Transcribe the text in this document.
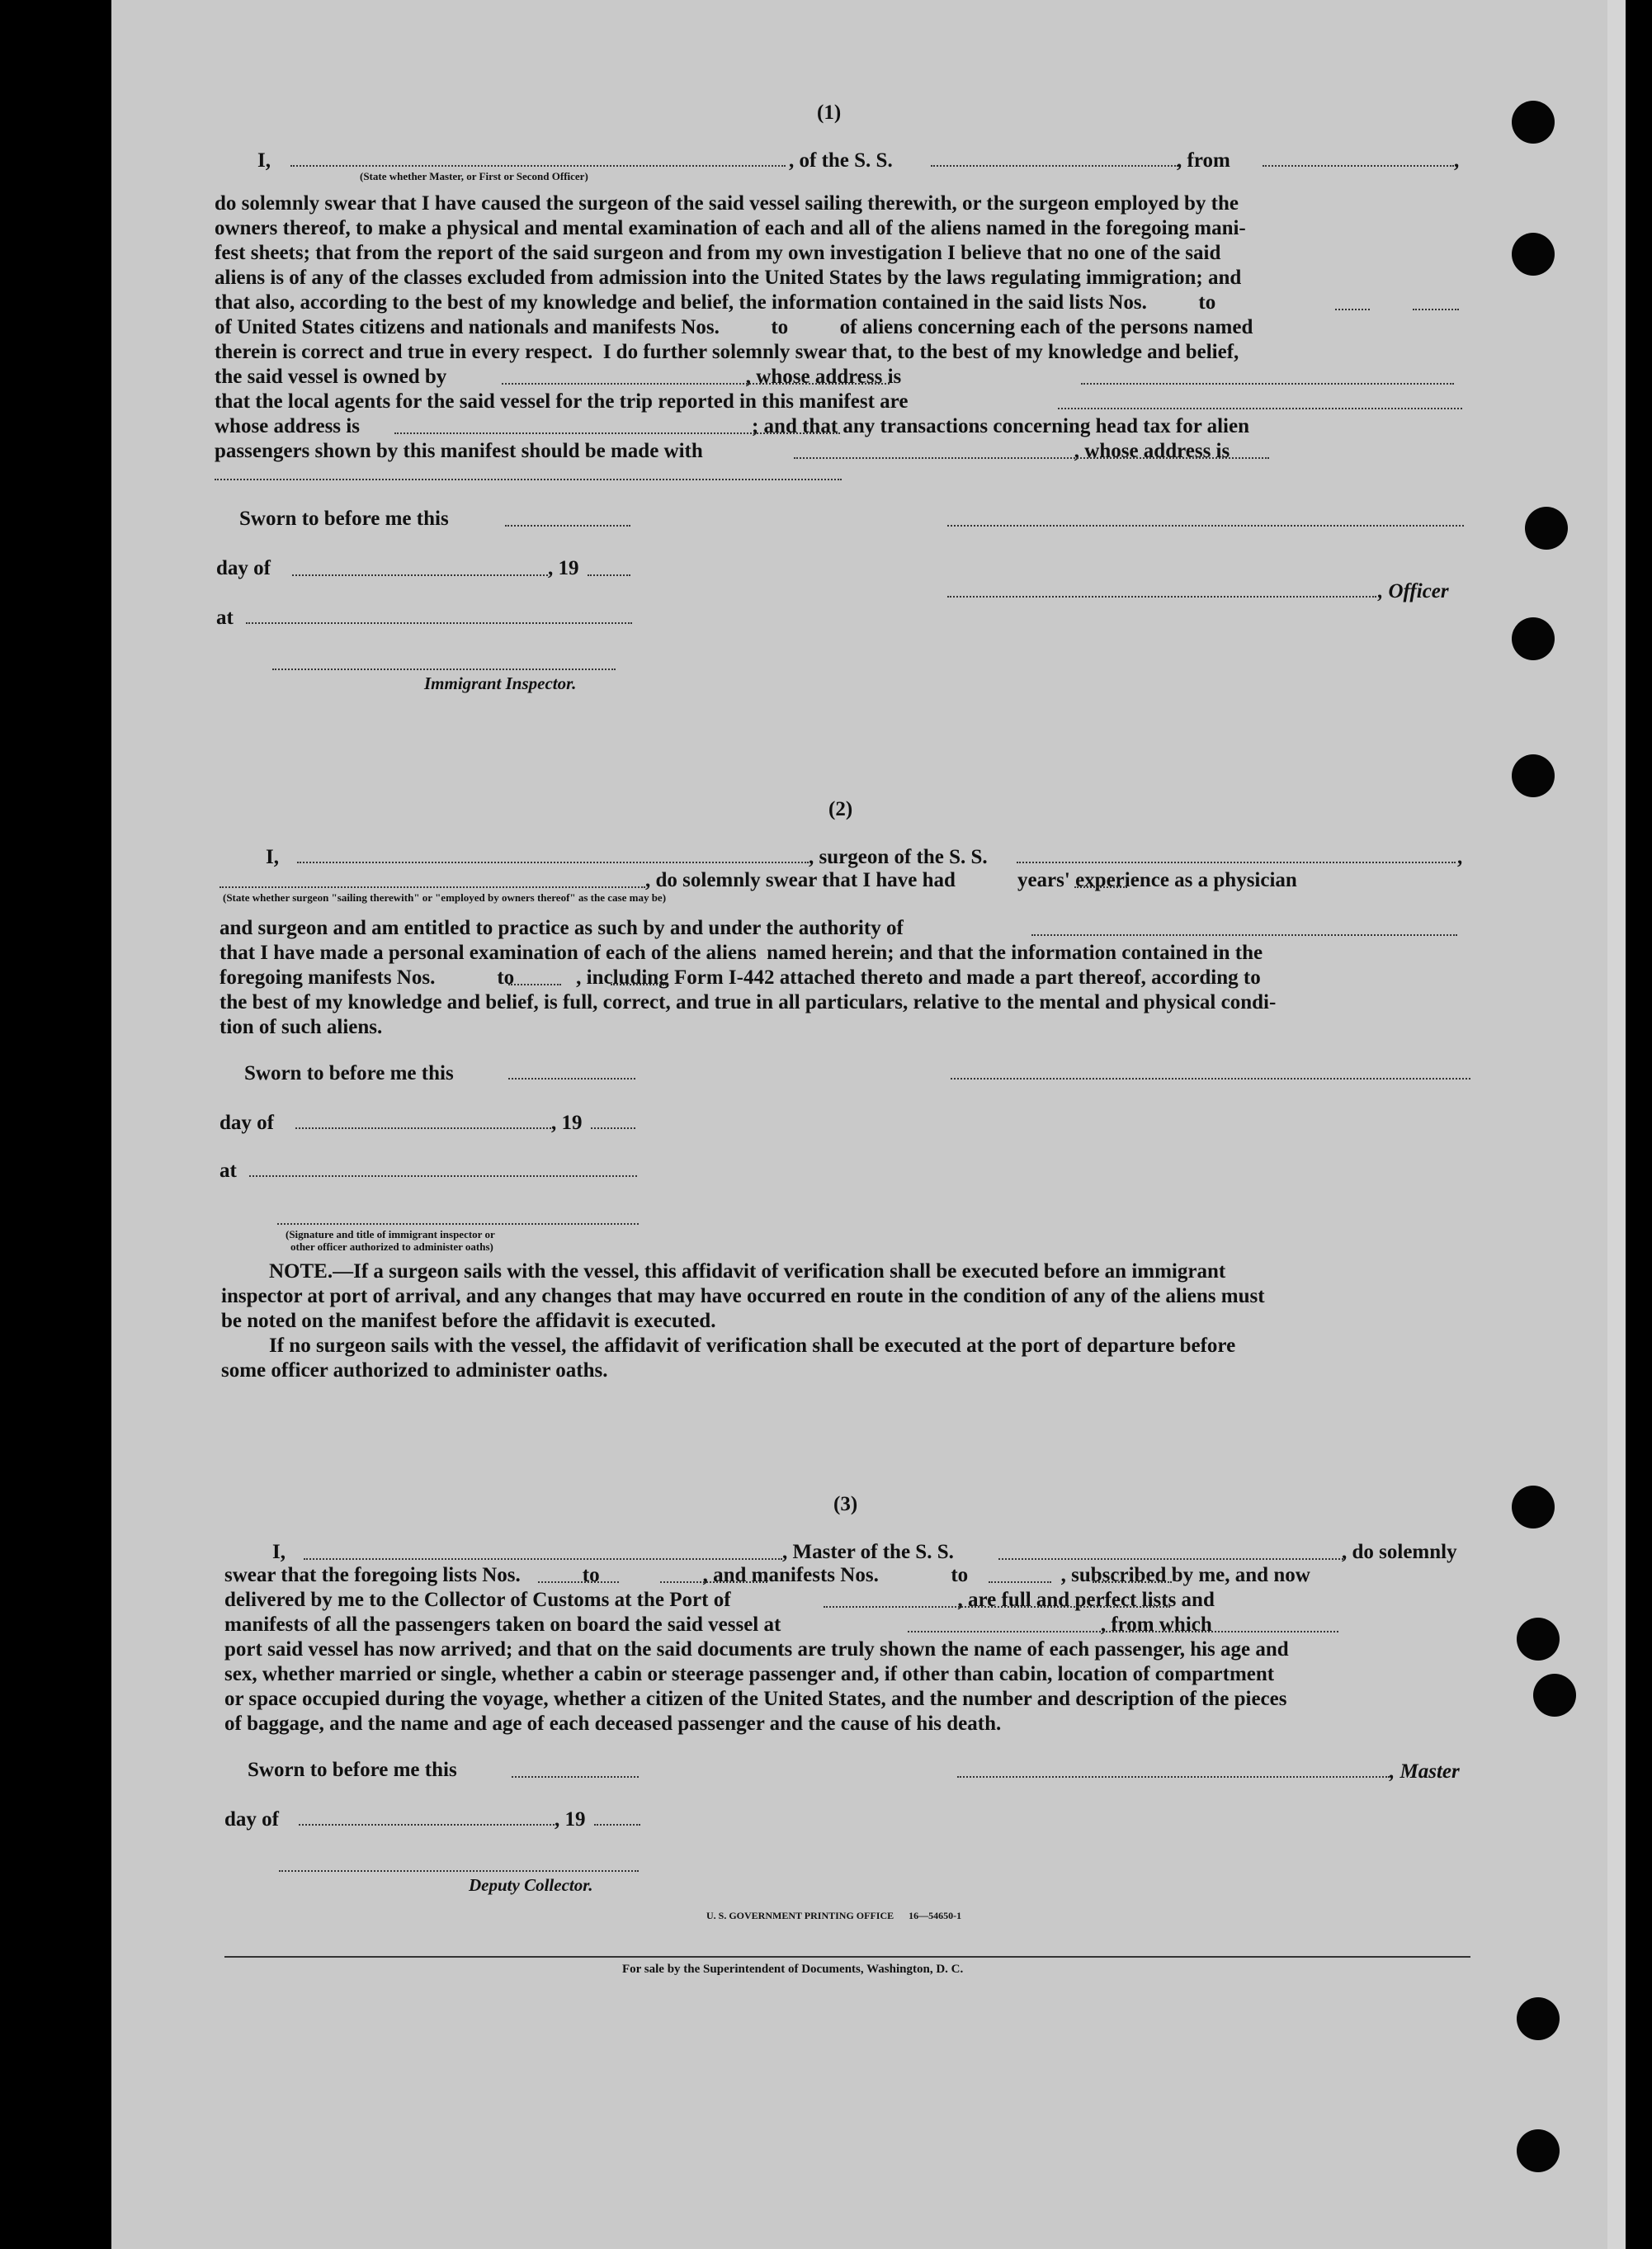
(1)
I,	, of the S. S.	, from	,
(State whether Master, or First or Second Officer)
do solemnly swear that I have caused the surgeon of the said vessel sailing therewith, or the surgeon employed by the
owners thereof, to make a physical and mental examination of each and all of the aliens named in the foregoing mani-
fest sheets; that from the report of the said surgeon and from my own investigation I believe that no one of the said
aliens is of any of the classes excluded from admission into the United States by the laws regulating immigration; and
that also, according to the best of my knowledge and belief, the information contained in the said lists Nos.          to
of United States citizens and nationals and manifests Nos.          to          of aliens concerning each of the persons named
therein is correct and true in every respect.  I do further solemnly swear that, to the best of my knowledge and belief,
the said vessel is owned by                                                          , whose address is
that the local agents for the said vessel for the trip reported in this manifest are
whose address is                                                                            ; and that any transactions concerning head tax for alien
passengers shown by this manifest should be made with                                                                        , whose address is
Sworn to before me this
day of	, 19
, Officer
at
Immigrant Inspector.
(2)
I,	, surgeon of the S. S.	,
, do solemnly swear that I have had            years' experience as a physician
(State whether surgeon "sailing therewith" or "employed by owners thereof" as the case may be)
and surgeon and am entitled to practice as such by and under the authority of
that I have made a personal examination of each of the aliens  named herein; and that the information contained in the
foregoing manifests Nos.            to            , including Form I-442 attached thereto and made a part thereof, according to
the best of my knowledge and belief, is full, correct, and true in all particulars, relative to the mental and physical condi-
tion of such aliens.
Sworn to before me this
day of	, 19
at
(Signature and title of immigrant inspector or
other officer authorized to administer oaths)
NOTE.—If a surgeon sails with the vessel, this affidavit of verification shall be executed before an immigrant
inspector at port of arrival, and any changes that may have occurred en route in the condition of any of the aliens must
be noted on the manifest before the affidavit is executed.
If no surgeon sails with the vessel, the affidavit of verification shall be executed at the port of departure before
some officer authorized to administer oaths.
(3)
I,	, Master of the S. S.	, do solemnly
swear that the foregoing lists Nos.            to                    , and manifests Nos.              to                  , subscribed by me, and now
delivered by me to the Collector of Customs at the Port of                                            , are full and perfect lists and
manifests of all the passengers taken on board the said vessel at                                                              , from which
port said vessel has now arrived; and that on the said documents are truly shown the name of each passenger, his age and
sex, whether married or single, whether a cabin or steerage passenger and, if other than cabin, location of compartment
or space occupied during the voyage, whether a citizen of the United States, and the number and description of the pieces
of baggage, and the name and age of each deceased passenger and the cause of his death.
Sworn to before me this	, Master
day of	, 19
Deputy Collector.
U. S. GOVERNMENT PRINTING OFFICE      16—54650-1
For sale by the Superintendent of Documents, Washington, D. C.
